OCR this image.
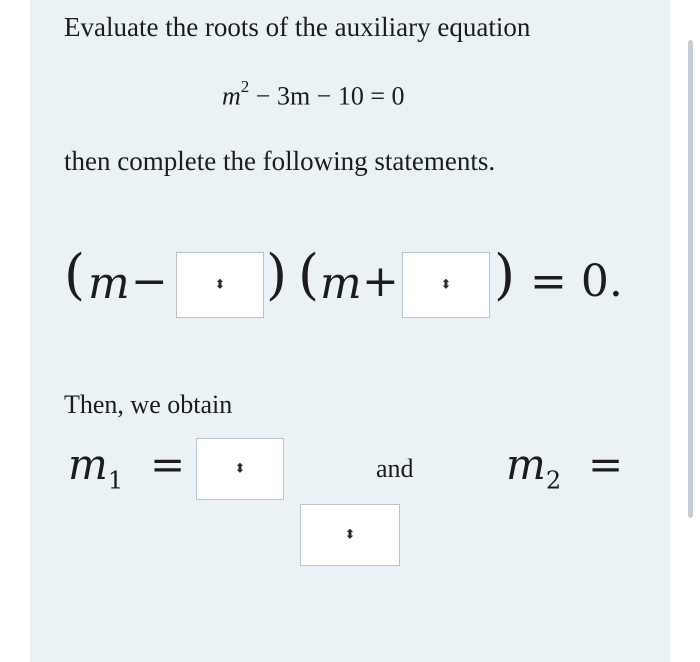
Evaluate the roots of the auxiliary equation
$m^2 - 3m - 10 = 0$
then complete the following statements.
( m −	⬍ ) ( m +	⬍ ) = 0.
Then, we obtain
$m_1$ =	⬍	and $m_2$ =
⬍
